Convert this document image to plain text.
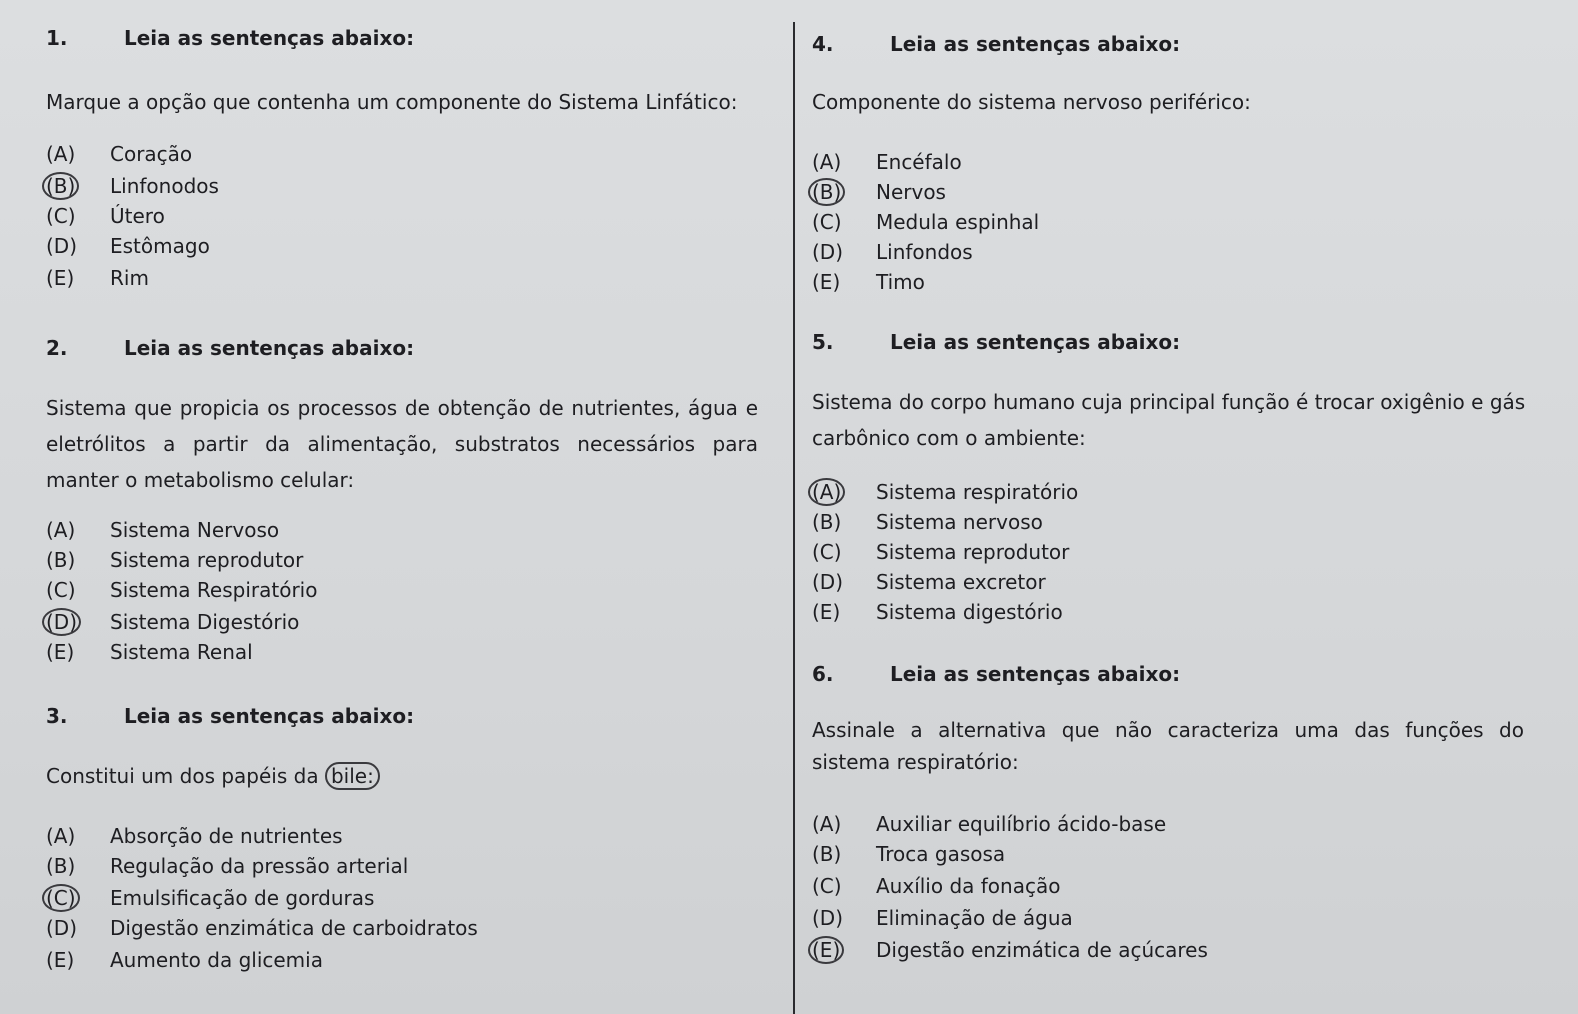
1.	Leia as sentenças abaixo:
Marque a opção que contenha um componente do Sistema Linfático:
(A)	Coração
(B)	Linfonodos
(C)	Útero
(D)	Estômago
(E)	Rim
2.	Leia as sentenças abaixo:
Sistema que propicia os processos de obtenção de nutrientes, água e eletrólitos a partir da alimentação, substratos necessários para manter o metabolismo celular:
(A)	Sistema Nervoso
(B)	Sistema reprodutor
(C)	Sistema Respiratório
(D)	Sistema Digestório
(E)	Sistema Renal
3.	Leia as sentenças abaixo:
Constitui um dos papéis da bile:
(A)	Absorção de nutrientes
(B)	Regulação da pressão arterial
(C)	Emulsificação de gorduras
(D)	Digestão enzimática de carboidratos
(E)	Aumento da glicemia
4.	Leia as sentenças abaixo:
Componente do sistema nervoso periférico:
(A)	Encéfalo
(B)	Nervos
(C)	Medula espinhal
(D)	Linfondos
(E)	Timo
5.	Leia as sentenças abaixo:
Sistema do corpo humano cuja principal função é trocar oxigênio e gás carbônico com o ambiente:
(A)	Sistema respiratório
(B)	Sistema nervoso
(C)	Sistema reprodutor
(D)	Sistema excretor
(E)	Sistema digestório
6.	Leia as sentenças abaixo:
Assinale a alternativa que não caracteriza uma das funções do sistema respiratório:
(A)	Auxiliar equilíbrio ácido-base
(B)	Troca gasosa
(C)	Auxílio da fonação
(D)	Eliminação de água
(E)	Digestão enzimática de açúcares
